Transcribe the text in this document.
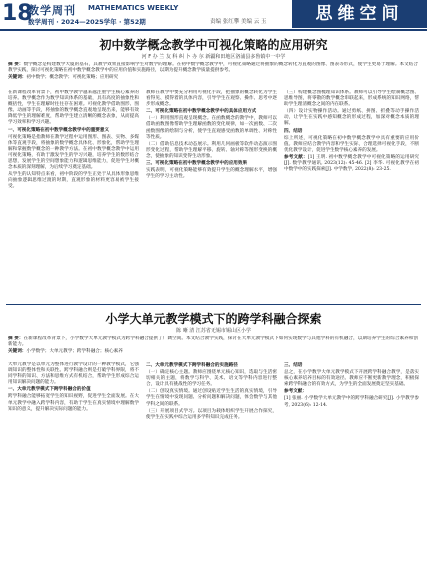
18
数学周刊 MATHEMATICS WEEKLY
数学周刊 · 2024—2025学年 · 第52期	责编 张红攀 美编 云 玉	思维空间
初中数学概念教学中可视化策略的应用研究
河 F 办 兰 友 科 纠 卜 办 尔 新疆和田地区洛浦县多鲁镇中一中学

摘 要：数学概念是构建数学大厦的基石，其教学效果直接影响学生对数学的理解。在初中数学概念教学中，可视化策略通过将抽象的概念转化为直观的图像、图表等形式，使学生更易于理解。本文结合教学实践，探讨可视化策略在初中数学概念教学中的应用价值和实施路径，以期为提升概念教学质量提供参考。

关键词：初中数学；概念教学；可视化策略；应用研究

在新课程改革背景下，初中数学教学越来越注重学生核心素养的培养。数学概念作为数学知识体系的基础，具有高度的抽象性和概括性，学生在理解时往往存在困难。可视化教学借助图形、图像、动画等手段，将抽象的数学概念直观地呈现出来，能够有效降低学生的理解难度，帮助学生建立清晰的概念表象，从而提高学习效率和学习兴趣。

一、可视化策略在初中数学概念教学中的重要意义

可视化策略是指教师在教学过程中运用图形、图表、实物、多媒体等直观手段，将抽象的数学概念具体化、形象化，帮助学生理解和掌握数学概念的一种教学方法。在初中数学概念教学中运用可视化策略，有助于激发学生的学习兴趣，培养学生的数形结合思想，发展学生的空间想象能力和逻辑思维能力，促进学生对概念本质的深刻理解，为后续学习奠定基础。

从学生的认知特点来看，初中阶段的学生正处于从具体形象思维向抽象逻辑思维过渡的时期，直观形象的材料更容易被学生接受。

教师在教学中要充分利用可视化手段，把抽象的概念转化为学生看得见、摸得着的具体内容，引导学生在观察、操作、思考中逐步形成概念。

二、可视化策略在初中数学概念教学中的具体应用方式

（一）利用图形直观呈现概念。在函数概念的教学中，教师可以借助函数图像帮助学生理解函数的变化规律，如一次函数、二次函数图像的绘制与分析，使学生直观感受函数的单调性、对称性等性质。

（二）借助信息技术动态展示。利用几何画板等软件动态演示图形变化过程，帮助学生理解平移、旋转、轴对称等图形变换的概念，使抽象的知识变得生动形象。

三、可视化策略在初中数学概念教学中的应用效果

实践表明，可视化策略能够有效提升学生的概念理解水平，增强学生的学习主动性。

（三）构建概念图梳理知识体系。教师可以引导学生绘制概念图、思维导图，将零散的数学概念串联起来，形成系统的知识网络，帮助学生理清概念之间的内在联系。

（四）设计实物操作活动。通过剪纸、拼图、折叠等动手操作活动，让学生在实践中感知概念的形成过程，加深对概念本质的理解。

四、结语

综上所述，可视化策略在初中数学概念教学中具有重要的应用价值。教师应结合教学内容和学生实际，合理选择可视化手段，不断优化教学设计，促进学生数学核心素养的发展。

参考文献：[1] 王明. 初中数学概念教学中可视化策略的运用研究[J]. 数学教学通讯, 2023(12): 45-46. [2] 李华. 可视化教学在初中数学中的实践探索[J]. 中学数学, 2022(8): 23-25.

小学大单元教学模式下的跨学科融合探索
陈 晰 清 江苏省无锡市锡山区小学

摘 要：在新课程改革背景下，小学数学大单元教学模式为跨学科融合提供了广阔空间。本文结合教学实践，探讨在大单元教学模式下如何实现数学与其他学科的有机融合，以期培养学生的综合素养和创新能力。

关键词：小学数学；大单元教学；跨学科融合；核心素养

大单元教学是以单元为整体进行教学设计的一种教学模式，它强调知识的整体性和关联性。跨学科融合则是打破学科界限，将不同学科的知识、方法和思维方式有机结合，帮助学生形成综合运用知识解决问题的能力。

一、大单元教学模式下跨学科融合的价值

跨学科融合能够拓宽学生的知识视野，促进学生全面发展。在大单元教学中融入跨学科内容，有助于学生在真实情境中理解数学知识的意义，提升解决实际问题的能力。

二、大单元教学模式下跨学科融合的实施路径

（一）确定核心主题。教师应围绕单元核心知识，选取与生活密切相关的主题，将数学与科学、美术、语文等学科内容进行整合，设计具有挑战性的学习任务。

（二）创设真实情境。通过创设贴近学生生活的真实情境，引导学生在情境中发现问题、分析问题和解决问题，体会数学与其他学科之间的联系。

（三）开展项目式学习。以项目为载体组织学生开展合作探究，使学生在实践中综合运用多学科知识完成任务。

三、结语

总之，在小学数学大单元教学模式下开展跨学科融合教学，是落实核心素养培养目标的有效途径。教师应不断更新教学理念，积极探索跨学科融合的有效方式，为学生的全面发展奠定坚实基础。

参考文献：

[1] 张丽. 小学数学大单元教学中的跨学科融合研究[J]. 小学教学参考, 2023(6): 12-14.
